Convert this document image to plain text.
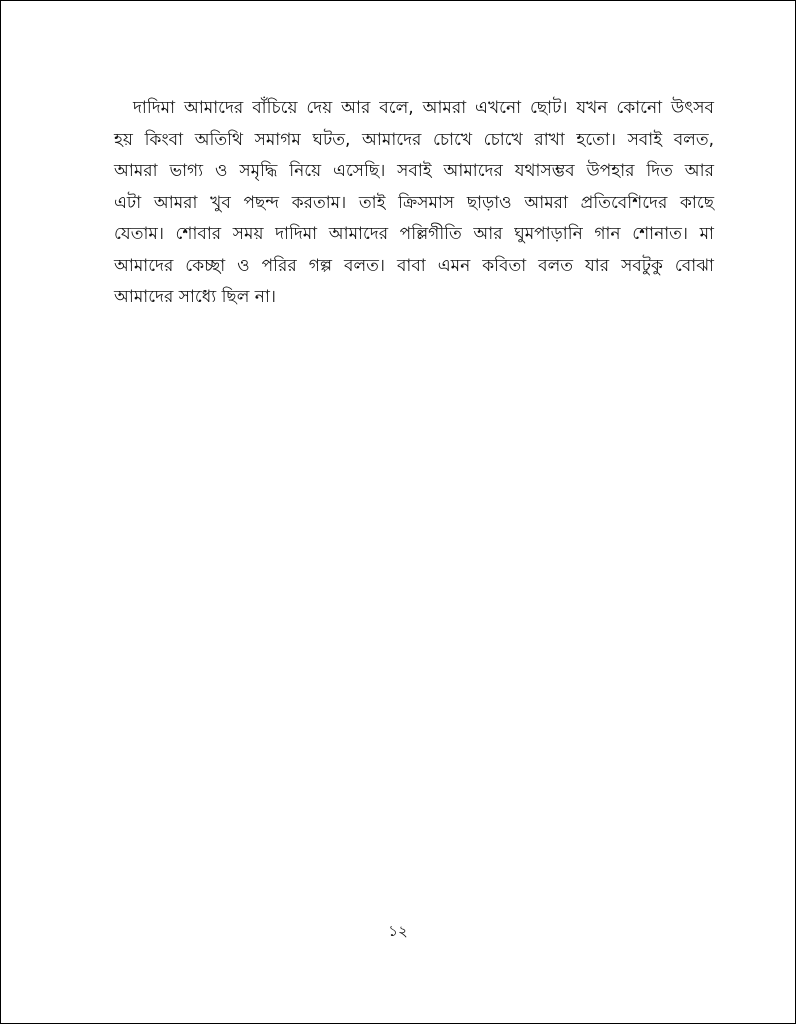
দাদিমা আমাদের বাঁচিয়ে দেয় আর বলে, আমরা এখনো ছোট। যখন কোনো উৎসব
হয় কিংবা অতিথি সমাগম ঘটত, আমাদের চোখে চোখে রাখা হতো। সবাই বলত,
আমরা ভাগ্য ও সমৃদ্ধি নিয়ে এসেছি। সবাই আমাদের যথাসম্ভব উপহার দিত আর
এটা আমরা খুব পছন্দ করতাম। তাই ক্রিসমাস ছাড়াও আমরা প্রতিবেশিদের কাছে
যেতাম। শোবার সময় দাদিমা আমাদের পল্লিগীতি আর ঘুমপাড়ানি গান শোনাত। মা
আমাদের কেচ্ছা ও পরির গল্প বলত। বাবা এমন কবিতা বলত যার সবটুকু বোঝা
আমাদের সাধ্যে ছিল না।

১২
